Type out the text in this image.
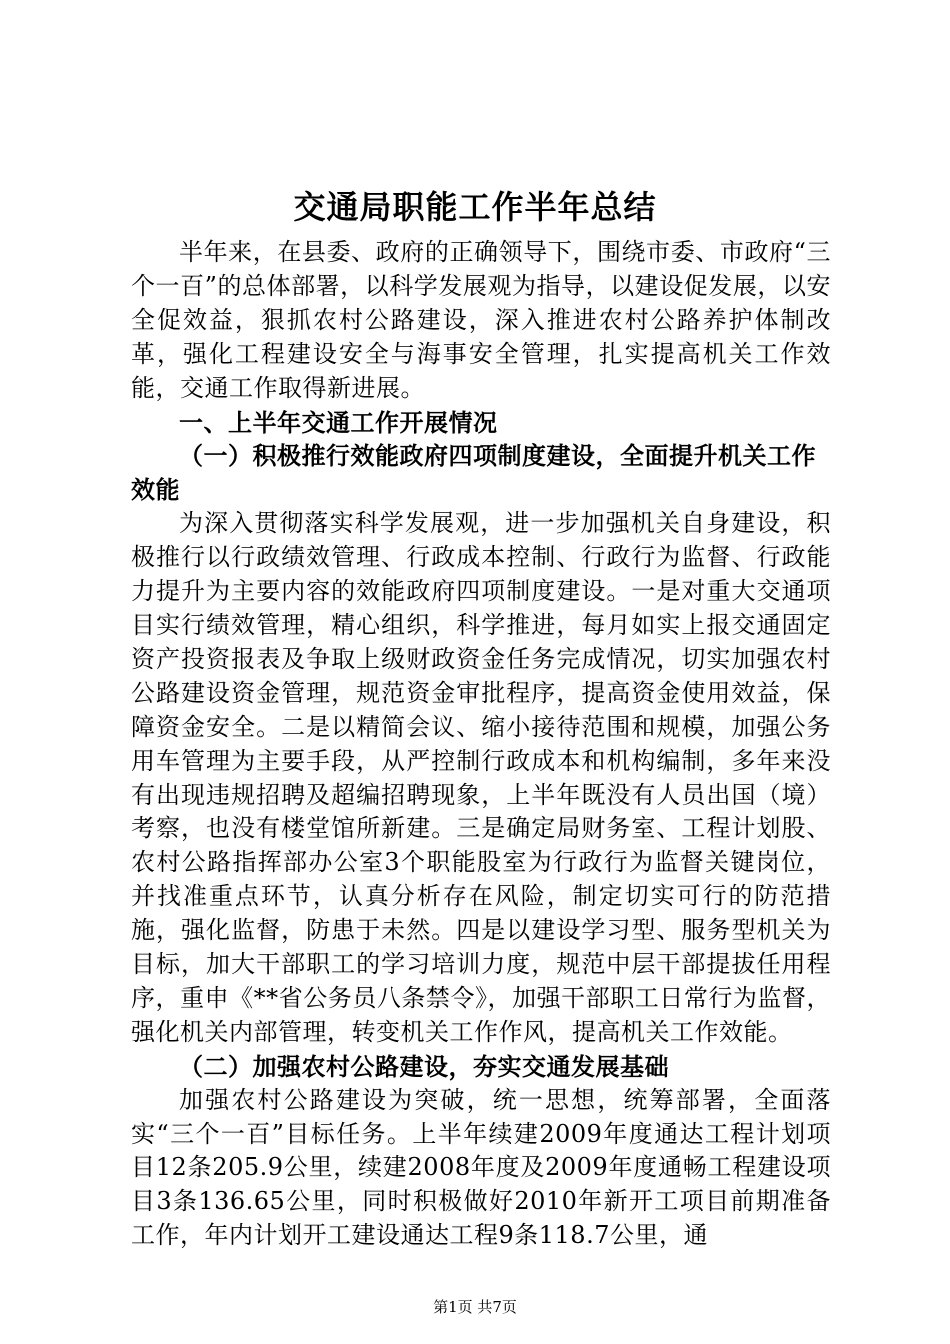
交通局职能工作半年总结

半年来，在县委、政府的正确领导下，围绕市委、市政府“三个一百”的总体部署，以科学发展观为指导，以建设促发展，以安全促效益，狠抓农村公路建设，深入推进农村公路养护体制改革，强化工程建设安全与海事安全管理，扎实提高机关工作效能，交通工作取得新进展。

一、上半年交通工作开展情况
（一）积极推行效能政府四项制度建设，全面提升机关工作效能

为深入贯彻落实科学发展观，进一步加强机关自身建设，积极推行以行政绩效管理、行政成本控制、行政行为监督、行政能力提升为主要内容的效能政府四项制度建设。一是对重大交通项目实行绩效管理，精心组织，科学推进，每月如实上报交通固定资产投资报表及争取上级财政资金任务完成情况，切实加强农村公路建设资金管理，规范资金审批程序，提高资金使用效益，保障资金安全。二是以精简会议、缩小接待范围和规模，加强公务用车管理为主要手段，从严控制行政成本和机构编制，多年来没有出现违规招聘及超编招聘现象，上半年既没有人员出国（境）考察，也没有楼堂馆所新建。三是确定局财务室、工程计划股、农村公路指挥部办公室3个职能股室为行政行为监督关键岗位，并找准重点环节，认真分析存在风险，制定切实可行的防范措施，强化监督，防患于未然。四是以建设学习型、服务型机关为目标，加大干部职工的学习培训力度，规范中层干部提拔任用程序，重申《**省公务员八条禁令》，加强干部职工日常行为监督，强化机关内部管理，转变机关工作作风，提高机关工作效能。

（二）加强农村公路建设，夯实交通发展基础

加强农村公路建设为突破，统一思想，统筹部署，全面落实“三个一百”目标任务。上半年续建2009年度通达工程计划项目12条205.9公里，续建2008年度及2009年度通畅工程建设项目3条136.65公里，同时积极做好2010年新开工项目前期准备工作，年内计划开工建设通达工程9条118.7公里，通

第1页 共7页
